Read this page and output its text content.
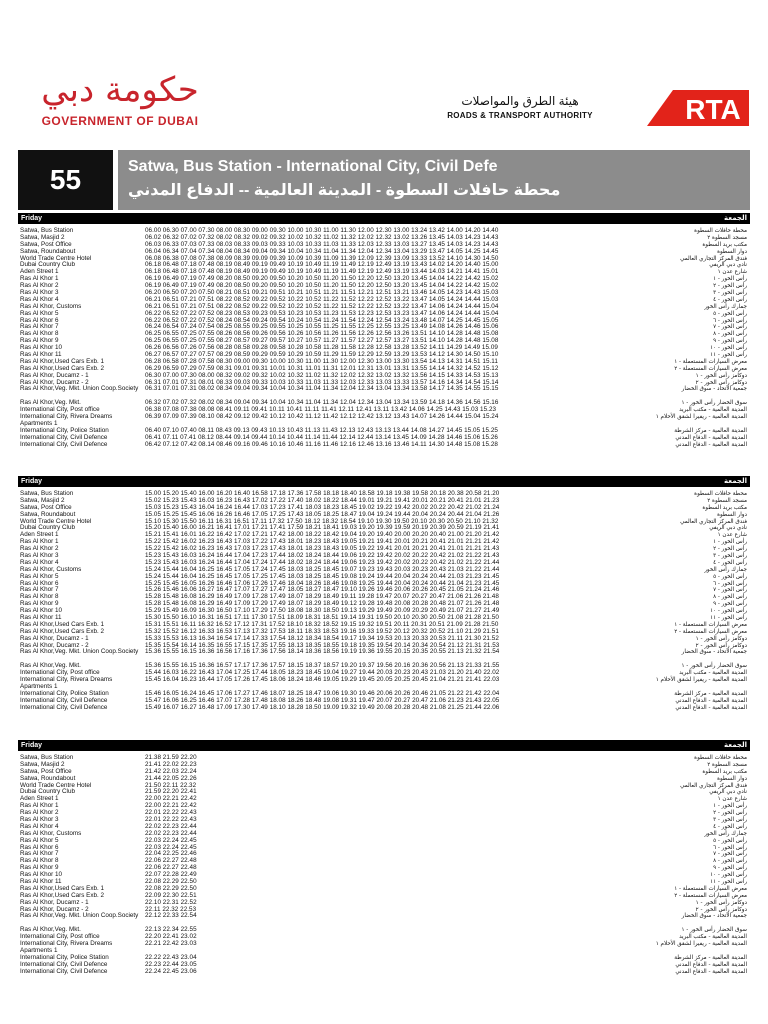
حكومة دبي
GOVERNMENT OF DUBAI
هيئة الطرق والمواصلات
ROADS & TRANSPORT AUTHORITY	RTA
55	Satwa, Bus Station - International City, Civil Defe
محطة حافلات السطوة - المدينة العالمية -- الدفاع المدني
Friday	الجمعة
Satwa, Bus Station	06.00 06.30 07.00 07.30 08.00 08.30 09.00 09.30 10.00 10.30 11.00 11.30 12.00 12.30 13.00 13.24 13.42 14.00 14.20 14.40	محطة حافلات السطوة
Satwa, Masjid 2	06.02 06.32 07.02 07.32 08.02 08.32 09.02 09.32 10.02 10.32 11.02 11.32 12.02 12.32 13.02 13.26 13.45 14.03 14.23 14.43	مسجد السطوة ٢
Satwa, Post Office	06.03 06.33 07.03 07.33 08.03 08.33 09.03 09.33 10.03 10.33 11.03 11.33 12.03 12.33 13.03 13.27 13.45 14.03 14.23 14.43	مكتب بريد السطوة
Satwa, Roundabout	06.04 06.34 07.04 07.34 08.04 08.34 09.04 09.34 10.04 10.34 11.04 11.34 12.04 12.34 13.04 13.29 13.47 14.05 14.25 14.45	دوار السطوة
World Trade Centre Hotel	06.08 06.38 07.08 07.38 08.09 08.39 09.09 09.39 10.09 10.39 11.09 11.39 12.09 12.39 13.09 13.33 13.52 14.10 14.30 14.50	فندق المركز التجاري العالمي
Dubai Country Club	06.18 06.48 07.18 07.48 08.19 08.49 09.19 09.49 10.19 10.49 11.19 11.49 12.19 12.49 13.19 13.43 14.02 14.20 14.40 15.00	نادي دبي الريفي
Aden Street 1	06.18 06.48 07.18 07.48 08.19 08.49 09.19 09.49 10.19 10.49 11.19 11.49 12.19 12.49 13.19 13.44 14.03 14.21 14.41 15.01	شارع عدن ١
Ras Al Khor 1	06.19 06.49 07.19 07.49 08.20 08.50 09.20 09.50 10.20 10.50 11.20 11.50 12.20 12.50 13.20 13.45 14.04 14.22 14.42 15.02	رأس الخور - ١
Ras Al Khor 2	06.19 06.49 07.19 07.49 08.20 08.50 09.20 09.50 10.20 10.50 11.20 11.50 12.20 12.50 13.20 13.45 14.04 14.22 14.42 15.02	رأس الخور - ٢
Ras Al Khor 3	06.20 06.50 07.20 07.50 08.21 08.51 09.21 09.51 10.21 10.51 11.21 11.51 12.21 12.51 13.21 13.46 14.05 14.23 14.43 15.03	رأس الخور - ٣
Ras Al Khor 4	06.21 06.51 07.21 07.51 08.22 08.52 09.22 09.52 10.22 10.52 11.22 11.52 12.22 12.52 13.22 13.47 14.05 14.24 14.44 15.03	رأس الخور - ٤
Ras Al Khor, Customs	06.21 06.51 07.21 07.51 08.22 08.52 09.22 09.52 10.22 10.52 11.22 11.52 12.22 12.52 13.22 13.47 14.06 14.24 14.44 15.04	جمارك رأس الخور
Ras Al Khor 5	06.22 06.52 07.22 07.52 08.23 08.53 09.23 09.53 10.23 10.53 11.23 11.53 12.23 12.53 13.23 13.47 14.06 14.24 14.44 15.04	رأس الخور - ٥
Ras Al Khor 6	06.22 06.52 07.22 07.52 08.24 08.54 09.24 09.54 10.24 10.54 11.24 11.54 12.24 12.54 13.24 13.48 14.07 14.25 14.45 15.05	رأس الخور - ٦
Ras Al Khor 7	06.24 06.54 07.24 07.54 08.25 08.55 09.25 09.55 10.25 10.55 11.25 11.55 12.25 12.55 13.25 13.49 14.08 14.26 14.46 15.06	رأس الخور - ٧
Ras Al Khor 8	06.25 06.55 07.25 07.55 08.26 08.56 09.26 09.56 10.26 10.56 11.26 11.56 12.26 12.56 13.26 13.51 14.10 14.28 14.48 15.08	رأس الخور - ٨
Ras Al Khor 9	06.25 06.55 07.25 07.55 08.27 08.57 09.27 09.57 10.27 10.57 11.27 11.57 12.27 12.57 13.27 13.51 14.10 14.28 14.48 15.08	رأس الخور - ٩
Ras Al Khor 10	06.26 06.56 07.26 07.56 08.28 08.58 09.28 09.58 10.28 10.58 11.28 11.58 12.28 12.58 13.28 13.52 14.11 14.29 14.49 15.09	رأس الخور - ١٠
Ras Al Khor 11	06.27 06.57 07.27 07.57 08.29 08.59 09.29 09.59 10.29 10.59 11.29 11.59 12.29 12.59 13.29 13.53 14.12 14.30 14.50 15.10	رأس الخور - ١١
Ras Al Khor,Used Cars Exb. 1	06.28 06.58 07.28 07.58 08.30 09.00 09.30 10.00 10.30 11.00 11.30 12.00 12.30 13.00 13.30 13.54 14.13 14.31 14.51 15.11	معرض السيارات المستعملة - ١
Ras Al Khor,Used Cars Exb. 2	06.29 06.59 07.29 07.59 08.31 09.01 09.31 10.01 10.31 11.01 11.31 12.01 12.31 13.01 13.31 13.55 14.14 14.32 14.52 15.12	معرض السيارات المستعملة - ٢
Ras Al Khor, Ducamz - 1	06.30 07.00 07.30 08.00 08.32 09.02 09.32 10.02 10.32 11.02 11.32 12.02 12.32 13.02 13.32 13.56 14.15 14.33 14.53 15.13	دوكامز رأس الخور - ١
Ras Al Khor, Ducamz - 2	06.31 07.01 07.31 08.01 08.33 09.03 09.33 10.03 10.33 11.03 11.33 12.03 12.33 13.03 13.33 13.57 14.16 14.34 14.54 15.14	دوكامز رأس الخور - ٢
Ras Al Khor,Veg. Mkt. Union Coop.Society	06.31 07.01 07.31 08.02 08.34 09.04 09.34 10.04 10.34 11.04 11.34 12.04 12.34 13.04 13.34 13.58 14.17 14.35 14.55 15.15	جمعية الاتحاد - سوق الخضار
Ras Al Khor,Veg. Mkt.	06.32 07.02 07.32 08.02 08.34 09.04 09.34 10.04 10.34 11.04 11.34 12.04 12.34 13.04 13.34 13.59 14.18 14.36 14.56 15.16	سوق الخضار رأس الخور - ١
International City, Post office	06.38 07.08 07.38 08.08 08.41 09.11 09.41 10.11 10.41 11.11 11.41 12.11 12.41 13.11 13.42 14.06 14.25 14.43 15.03 15.23	المدينة العالمية - مكتب البريد
International City, Rivera Dreams Apartments 1
06.39 07.09 07.39 08.10 08.42 09.12 09.42 10.12 10.42 11.12 11.42 12.12 12.42 13.12 13.43 14.07 14.26 14.44 15.04 15.24	المدينة العالمية - ريفيرا لشقق الأحلام ١
International City, Police Station	06.40 07.10 07.40 08.11 08.43 09.13 09.43 10.13 10.43 11.13 11.43 12.13 12.43 13.13 13.44 14.08 14.27 14.45 15.05 15.25	المدينة العالمية - مركز الشرطة
International City, Civil Defence	06.41 07.11 07.41 08.12 08.44 09.14 09.44 10.14 10.44 11.14 11.44 12.14 12.44 13.14 13.45 14.09 14.28 14.46 15.06 15.26	المدينة العالمية - الدفاع المدني
International City, Civil Defence	06.42 07.12 07.42 08.14 08.46 09.16 09.46 10.16 10.46 11.16 11.46 12.16 12.46 13.16 13.46 14.11 14.30 14.48 15.08 15.28	المدينة العالمية - الدفاع المدني
Friday	الجمعة
Satwa, Bus Station	15.00 15.20 15.40 16.00 16.20 16.40 16.58 17.18 17.36 17.58 18.18 18.40 18.58 19.18 19.38 19.58 20.18 20.38 20.58 21.20	محطة حافلات السطوة
Satwa, Masjid 2	15.02 15.23 15.43 16.03 16.23 16.43 17.02 17.22 17.40 18.02 18.22 18.44 19.01 19.21 19.41 20.01 20.21 20.41 21.01 21.23	مسجد السطوة ٢
Satwa, Post Office	15.03 15.23 15.43 16.04 16.24 16.44 17.03 17.23 17.41 18.03 18.23 18.45 19.02 19.22 19.42 20.02 20.22 20.42 21.02 21.24	مكتب بريد السطوة
Satwa, Roundabout	15.05 15.25 15.45 16.06 16.26 16.46 17.05 17.25 17.43 18.05 18.25 18.47 19.04 19.24 19.44 20.04 20.24 20.44 21.04 21.26	دوار السطوة
World Trade Centre Hotel	15.10 15.30 15.50 16.11 16.31 16.51 17.11 17.32 17.50 18.12 18.32 18.54 19.10 19.30 19.50 20.10 20.30 20.50 21.10 21.32	فندق المركز التجاري العالمي
Dubai Country Club	15.20 15.40 16.00 16.21 16.41 17.01 17.21 17.41 17.59 18.21 18.41 19.03 19.20 19.39 19.59 20.19 20.39 20.59 21.19 21.41	نادي دبي الريفي
Aden Street 1	15.21 15.41 16.01 16.22 16.42 17.02 17.21 17.42 18.00 18.22 18.42 19.04 19.20 19.40 20.00 20.20 20.40 21.00 21.20 21.42	شارع عدن ١
Ras Al Khor 1	15.22 15.42 16.02 16.23 16.43 17.03 17.22 17.43 18.01 18.23 18.43 19.05 19.21 19.41 20.01 20.21 20.41 21.01 21.21 21.42	رأس الخور - ١
Ras Al Khor 2	15.22 15.42 16.02 16.23 16.43 17.03 17.23 17.43 18.01 18.23 18.43 19.05 19.22 19.41 20.01 20.21 20.41 21.01 21.21 21.43	رأس الخور - ٢
Ras Al Khor 3	15.23 15.43 16.03 16.24 16.44 17.04 17.23 17.44 18.02 18.24 18.44 19.06 19.22 19.42 20.02 20.22 20.42 21.02 21.22 21.43	رأس الخور - ٣
Ras Al Khor 4	15.23 15.43 16.03 16.24 16.44 17.04 17.24 17.44 18.02 18.24 18.44 19.06 19.23 19.42 20.02 20.22 20.42 21.02 21.22 21.44	رأس الخور - ٤
Ras Al Khor, Customs	15.24 15.44 16.04 16.25 16.45 17.05 17.24 17.45 18.03 18.25 18.45 19.07 19.23 19.43 20.03 20.23 20.43 21.03 21.22 21.44	جمارك رأس الخور
Ras Al Khor 5	15.24 15.44 16.04 16.25 16.45 17.05 17.25 17.45 18.03 18.25 18.45 19.08 19.24 19.44 20.04 20.24 20.44 21.03 21.23 21.45	رأس الخور - ٥
Ras Al Khor 6	15.25 15.45 16.05 16.26 16.46 17.06 17.26 17.46 18.04 18.26 18.46 19.08 19.25 19.44 20.04 20.24 20.44 21.04 21.23 21.45	رأس الخور - ٦
Ras Al Khor 7	15.26 15.46 16.06 16.27 16.47 17.07 17.27 17.47 18.05 18.27 18.47 19.10 19.26 19.46 20.06 20.26 20.45 21.05 21.24 21.46	رأس الخور - ٧
Ras Al Khor 8	15.28 15.48 16.08 16.29 16.49 17.09 17.28 17.49 18.07 18.29 18.49 19.11 19.28 19.47 20.07 20.27 20.47 21.06 21.26 21.48	رأس الخور - ٨
Ras Al Khor 9	15.28 15.48 16.08 16.29 16.49 17.09 17.29 17.49 18.07 18.29 18.49 19.12 19.28 19.48 20.08 20.28 20.48 21.07 21.26 21.48	رأس الخور - ٩
Ras Al Khor 10	15.29 15.49 16.09 16.30 16.50 17.10 17.29 17.50 18.08 18.30 18.50 19.13 19.29 19.49 20.09 20.29 20.49 21.07 21.27 21.49	رأس الخور - ١٠
Ras Al Khor 11	15.30 15.50 16.10 16.31 16.51 17.11 17.30 17.51 18.09 18.31 18.51 19.14 19.31 19.50 20.10 20.30 20.50 21.08 21.28 21.50	رأس الخور - ١١
Ras Al Khor,Used Cars Exb. 1	15.31 15.51 16.11 16.32 16.52 17.12 17.31 17.52 18.10 18.32 18.52 19.15 19.32 19.51 20.11 20.31 20.51 21.09 21.28 21.50	معرض السيارات المستعملة - ١
Ras Al Khor,Used Cars Exb. 2	15.32 15.52 16.12 16.33 16.53 17.13 17.32 17.53 18.11 18.33 18.53 19.16 19.33 19.52 20.12 20.32 20.52 21.10 21.29 21.51	معرض السيارات المستعملة - ٢
Ras Al Khor, Ducamz - 1	15.33 15.53 16.13 16.34 16.54 17.14 17.33 17.54 18.12 18.34 18.54 19.17 19.34 19.53 20.13 20.33 20.53 21.11 21.30 21.52	دوكامز رأس الخور - ١
Ras Al Khor, Ducamz - 2	15.35 15.54 16.14 16.35 16.55 17.15 17.35 17.55 18.13 18.35 18.55 19.18 19.35 19.54 20.14 20.34 20.54 21.12 21.31 21.53	دوكامز رأس الخور - ٢
Ras Al Khor,Veg. Mkt. Union Coop.Society	15.36 15.55 16.15 16.36 16.56 17.16 17.36 17.56 18.14 18.36 18.56 19.19 19.36 19.55 20.15 20.35 20.55 21.13 21.32 21.54	جمعية الاتحاد - سوق الخضار
Ras Al Khor,Veg. Mkt.	15.36 15.55 16.15 16.36 16.57 17.17 17.36 17.57 18.15 18.37 18.57 19.20 19.37 19.56 20.16 20.36 20.56 21.13 21.33 21.55	سوق الخضار رأس الخور - ١
International City, Post office	15.44 16.03 16.22 16.43 17.04 17.25 17.44 18.05 18.23 18.45 19.04 19.27 19.44 20.03 20.23 20.43 21.03 21.20 21.40 22.02	المدينة العالمية - مكتب البريد
International City, Rivera Dreams Apartments 1
15.45 16.04 16.23 16.44 17.05 17.26 17.45 18.06 18.24 18.46 19.05 19.29 19.45 20.05 20.25 20.45 21.04 21.21 21.41 22.03	المدينة العالمية - ريفيرا لشقق الأحلام ١
International City, Police Station	15.46 16.05 16.24 16.45 17.06 17.27 17.46 18.07 18.25 18.47 19.06 19.30 19.46 20.06 20.26 20.46 21.05 21.22 21.42 22.04	المدينة العالمية - مركز الشرطة
International City, Civil Defence	15.47 16.06 16.25 16.46 17.07 17.28 17.48 18.08 18.26 18.48 19.08 19.31 19.47 20.07 20.27 20.47 21.06 21.23 21.43 22.05	المدينة العالمية - الدفاع المدني
International City, Civil Defence	15.49 16.07 16.27 16.48 17.09 17.30 17.49 18.10 18.28 18.50 19.09 19.32 19.49 20.08 20.28 20.48 21.08 21.25 21.44 22.06	المدينة العالمية - الدفاع المدني
Friday	الجمعة
Satwa, Bus Station	21.38 21.59 22.20	محطة حافلات السطوة
Satwa, Masjid 2	21.41 22.02 22.23	مسجد السطوة ٢
Satwa, Post Office	21.42 22.03 22.24	مكتب بريد السطوة
Satwa, Roundabout	21.44 22.05 22.26	دوار السطوة
World Trade Centre Hotel	21.50 22.11 22.32	فندق المركز التجاري العالمي
Dubai Country Club	21.59 22.20 22.41	نادي دبي الريفي
Aden Street 1	22.00 22.21 22.42	شارع عدن ١
Ras Al Khor 1	22.00 22.21 22.42	رأس الخور - ١
Ras Al Khor 2	22.01 22.22 22.43	رأس الخور - ٢
Ras Al Khor 3	22.01 22.22 22.43	رأس الخور - ٣
Ras Al Khor 4	22.02 22.23 22.44	رأس الخور - ٤
Ras Al Khor, Customs	22.02 22.23 22.44	جمارك رأس الخور
Ras Al Khor 5	22.03 22.24 22.45	رأس الخور - ٥
Ras Al Khor 6	22.03 22.24 22.45	رأس الخور - ٦
Ras Al Khor 7	22.04 22.25 22.46	رأس الخور - ٧
Ras Al Khor 8	22.06 22.27 22.48	رأس الخور - ٨
Ras Al Khor 9	22.06 22.27 22.48	رأس الخور - ٩
Ras Al Khor 10	22.07 22.28 22.49	رأس الخور - ١٠
Ras Al Khor 11	22.08 22.29 22.50	رأس الخور - ١١
Ras Al Khor,Used Cars Exb. 1	22.08 22.29 22.50	معرض السيارات المستعملة - ١
Ras Al Khor,Used Cars Exb. 2	22.09 22.30 22.51	معرض السيارات المستعملة - ٢
Ras Al Khor, Ducamz - 1	22.10 22.31 22.52	دوكامز رأس الخور - ١
Ras Al Khor, Ducamz - 2	22.11 22.32 22.53	دوكامز رأس الخور - ٢
Ras Al Khor,Veg. Mkt. Union Coop.Society	22.12 22.33 22.54	جمعية الاتحاد - سوق الخضار
Ras Al Khor,Veg. Mkt.	22.13 22.34 22.55	سوق الخضار رأس الخور - ١
International City, Post office	22.20 22.41 23.02	المدينة العالمية - مكتب البريد
International City, Rivera Dreams Apartments 1
22.21 22.42 23.03	المدينة العالمية - ريفيرا لشقق الأحلام ١
International City, Police Station	22.22 22.43 23.04	المدينة العالمية - مركز الشرطة
International City, Civil Defence	22.23 22.44 23.05	المدينة العالمية - الدفاع المدني
International City, Civil Defence	22.24 22.45 23.06	المدينة العالمية - الدفاع المدني
